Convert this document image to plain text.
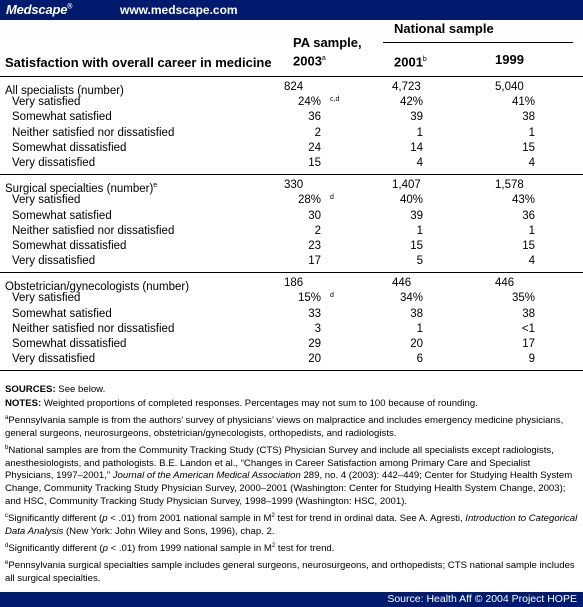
Medscape®	www.medscape.com
Satisfaction with overall career in medicine
PA sample,
2003$^a$
National sample
2001$^b$	1999
All specialists (number)	824	4,723	5,040
Very satisfied	24% c,d	42%	41%
Somewhat satisfied	36	39	38
Neither satisfied nor dissatisfied	2	1	1
Somewhat dissatisfied	24	14	15
Very dissatisfied	15	4	4
Surgical specialties (number)$^e$	330	1,407	1,578
Very satisfied	28% d	40%	43%
Somewhat satisfied	30	39	36
Neither satisfied nor dissatisfied	2	1	1
Somewhat dissatisfied	23	15	15
Very dissatisfied	17	5	4
Obstetrician/gynecologists (number)	186	446	446
Very satisfied	15% d	34%	35%
Somewhat satisfied	33	38	38
Neither satisfied nor dissatisfied	3	1	<1
Somewhat dissatisfied	29	20	17
Very dissatisfied	20	6	9

SOURCES: See below.

NOTES: Weighted proportions of completed responses. Percentages may not sum to 100 because of rounding.

$^a$Pennsylvania sample is from the authors’ survey of physicians’ views on malpractice and includes emergency medicine physicians, general surgeons, neurosurgeons, obstetrician/gynecologists, orthopedists, and radiologists.

$^b$National samples are from the Community Tracking Study (CTS) Physician Survey and include all specialists except radiologists, anesthesiologists, and pathologists. B.E. Landon et al., “Changes in Career Satisfaction among Primary Care and Specialist Physicians, 1997–2001,” Journal of the American Medical Association 289, no. 4 (2003): 442–449; Center for Studying Health System Change, Community Tracking Study Physician Survey, 2000–2001 (Washington: Center for Studying Health System Change, 2003); and HSC, Community Tracking Study Physician Survey, 1998–1999 (Washington: HSC, 2001).

$^c$Significantly different (p < .01) from 2001 national sample in $M^2$ test for trend in ordinal data. See A. Agresti, Introduction to Categorical Data Analysis (New York: John Wiley and Sons, 1996), chap. 2.

$^d$Significantly different (p < .01) from 1999 national sample in $M^2$ test for trend.

$^e$Pennsylvania surgical specialties sample includes general surgeons, neurosurgeons, and orthopedists; CTS national sample includes all surgical specialties.

Source: Health Aff © 2004 Project HOPE
